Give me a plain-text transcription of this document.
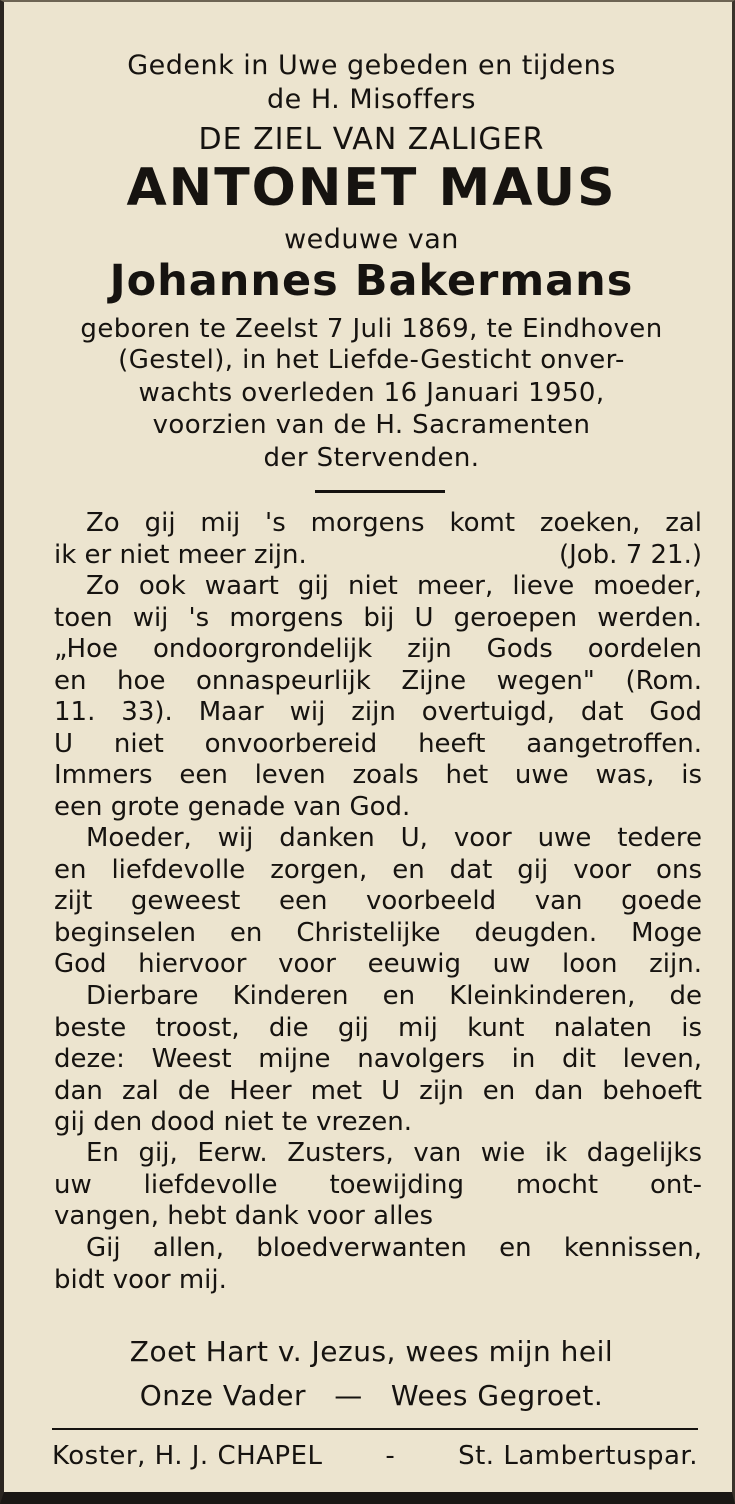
Gedenk in Uwe gebeden en tijdens
de H. Misoffers
DE ZIEL VAN ZALIGER
ANTONET MAUS
weduwe van
Johannes Bakermans
geboren te Zeelst 7 Juli 1869, te Eindhoven
(Gestel), in het Liefde-Gesticht onver-
wachts overleden 16 Januari 1950,
voorzien van de H. Sacramenten
der Stervenden.
Zo gij mij 's morgens komt zoeken, zal
ik er niet meer zijn.	(Job. 7 21.)
Zo ook waart gij niet meer, lieve moeder,
toen wij 's morgens bij U geroepen werden.
„Hoe ondoorgrondelijk zijn Gods oordelen
en hoe onnaspeurlijk Zijne wegen" (Rom.
11. 33). Maar wij zijn overtuigd, dat God
U niet onvoorbereid heeft aangetroffen.
Immers een leven zoals het uwe was, is
een grote genade van God.
Moeder, wij danken U, voor uwe tedere
en liefdevolle zorgen, en dat gij voor ons
zijt geweest een voorbeeld van goede
beginselen en Christelijke deugden. Moge
God hiervoor voor eeuwig uw loon zijn.
Dierbare Kinderen en Kleinkinderen, de
beste troost, die gij mij kunt nalaten is
deze: Weest mijne navolgers in dit leven,
dan zal de Heer met U zijn en dan behoeft
gij den dood niet te vrezen.
En gij, Eerw. Zusters, van wie ik dagelijks
uw liefdevolle toewijding mocht ont-
vangen, hebt dank voor alles
Gij allen, bloedverwanten en kennissen,
bidt voor mij.
Zoet Hart v. Jezus, wees mijn heil
Onze Vader — Wees Gegroet.
Koster, H. J. CHAPEL - St. Lambertuspar.
